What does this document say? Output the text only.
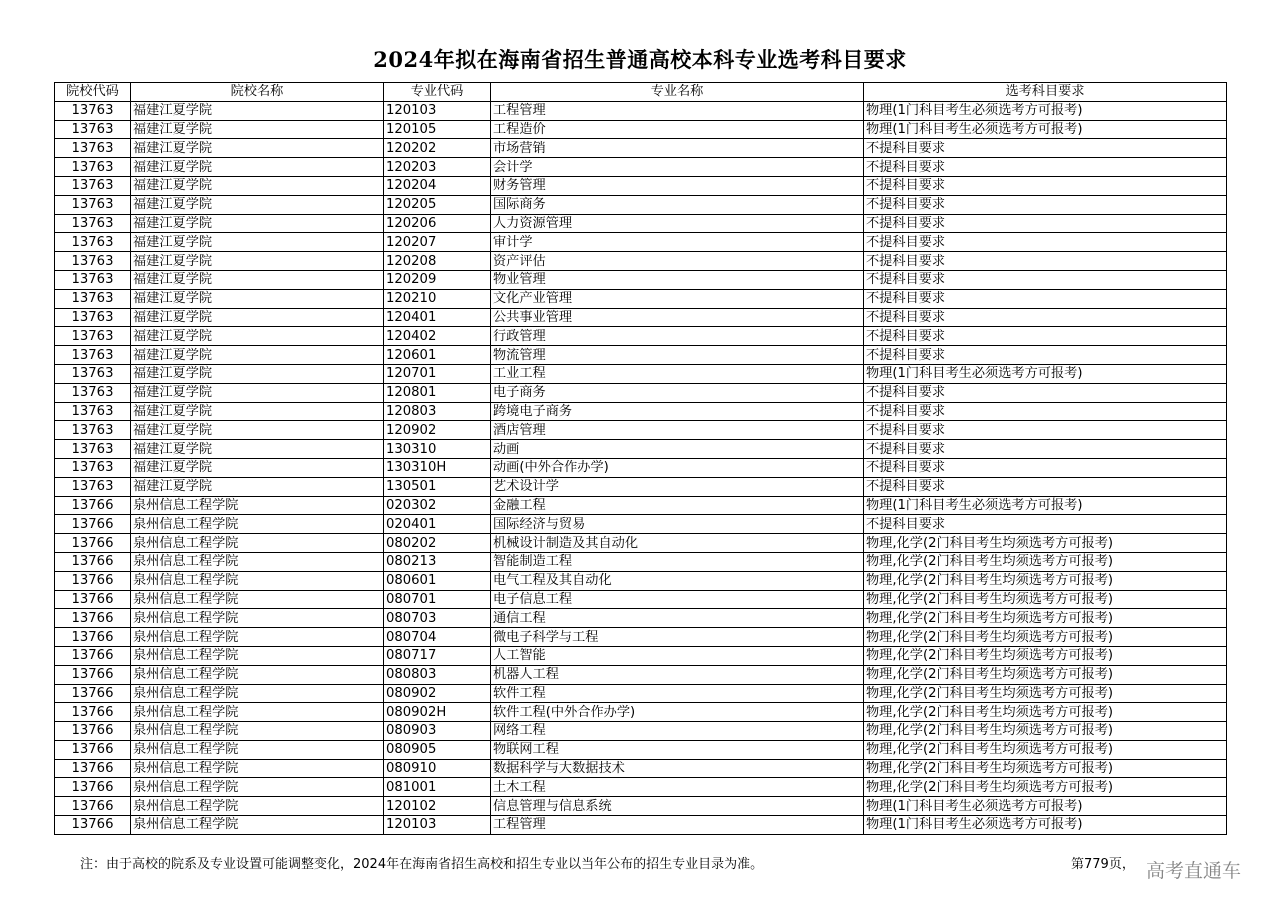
2024年拟在海南省招生普通高校本科专业选考科目要求
院校代码	院校名称	专业代码	专业名称	选考科目要求
13763	福建江夏学院	120103	工程管理	物理(1门科目考生必须选考方可报考)
13763	福建江夏学院	120105	工程造价	物理(1门科目考生必须选考方可报考)
13763	福建江夏学院	120202	市场营销	不提科目要求
13763	福建江夏学院	120203	会计学	不提科目要求
13763	福建江夏学院	120204	财务管理	不提科目要求
13763	福建江夏学院	120205	国际商务	不提科目要求
13763	福建江夏学院	120206	人力资源管理	不提科目要求
13763	福建江夏学院	120207	审计学	不提科目要求
13763	福建江夏学院	120208	资产评估	不提科目要求
13763	福建江夏学院	120209	物业管理	不提科目要求
13763	福建江夏学院	120210	文化产业管理	不提科目要求
13763	福建江夏学院	120401	公共事业管理	不提科目要求
13763	福建江夏学院	120402	行政管理	不提科目要求
13763	福建江夏学院	120601	物流管理	不提科目要求
13763	福建江夏学院	120701	工业工程	物理(1门科目考生必须选考方可报考)
13763	福建江夏学院	120801	电子商务	不提科目要求
13763	福建江夏学院	120803	跨境电子商务	不提科目要求
13763	福建江夏学院	120902	酒店管理	不提科目要求
13763	福建江夏学院	130310	动画	不提科目要求
13763	福建江夏学院	130310H	动画(中外合作办学)	不提科目要求
13763	福建江夏学院	130501	艺术设计学	不提科目要求
13766	泉州信息工程学院	020302	金融工程	物理(1门科目考生必须选考方可报考)
13766	泉州信息工程学院	020401	国际经济与贸易	不提科目要求
13766	泉州信息工程学院	080202	机械设计制造及其自动化	物理,化学(2门科目考生均须选考方可报考)
13766	泉州信息工程学院	080213	智能制造工程	物理,化学(2门科目考生均须选考方可报考)
13766	泉州信息工程学院	080601	电气工程及其自动化	物理,化学(2门科目考生均须选考方可报考)
13766	泉州信息工程学院	080701	电子信息工程	物理,化学(2门科目考生均须选考方可报考)
13766	泉州信息工程学院	080703	通信工程	物理,化学(2门科目考生均须选考方可报考)
13766	泉州信息工程学院	080704	微电子科学与工程	物理,化学(2门科目考生均须选考方可报考)
13766	泉州信息工程学院	080717	人工智能	物理,化学(2门科目考生均须选考方可报考)
13766	泉州信息工程学院	080803	机器人工程	物理,化学(2门科目考生均须选考方可报考)
13766	泉州信息工程学院	080902	软件工程	物理,化学(2门科目考生均须选考方可报考)
13766	泉州信息工程学院	080902H	软件工程(中外合作办学)	物理,化学(2门科目考生均须选考方可报考)
13766	泉州信息工程学院	080903	网络工程	物理,化学(2门科目考生均须选考方可报考)
13766	泉州信息工程学院	080905	物联网工程	物理,化学(2门科目考生均须选考方可报考)
13766	泉州信息工程学院	080910	数据科学与大数据技术	物理,化学(2门科目考生均须选考方可报考)
13766	泉州信息工程学院	081001	土木工程	物理,化学(2门科目考生均须选考方可报考)
13766	泉州信息工程学院	120102	信息管理与信息系统	物理(1门科目考生必须选考方可报考)
13766	泉州信息工程学院	120103	工程管理	物理(1门科目考生必须选考方可报考)
注：由于高校的院系及专业设置可能调整变化，2024年在海南省招生高校和招生专业以当年公布的招生专业目录为准。	第779页， 高考直通车
